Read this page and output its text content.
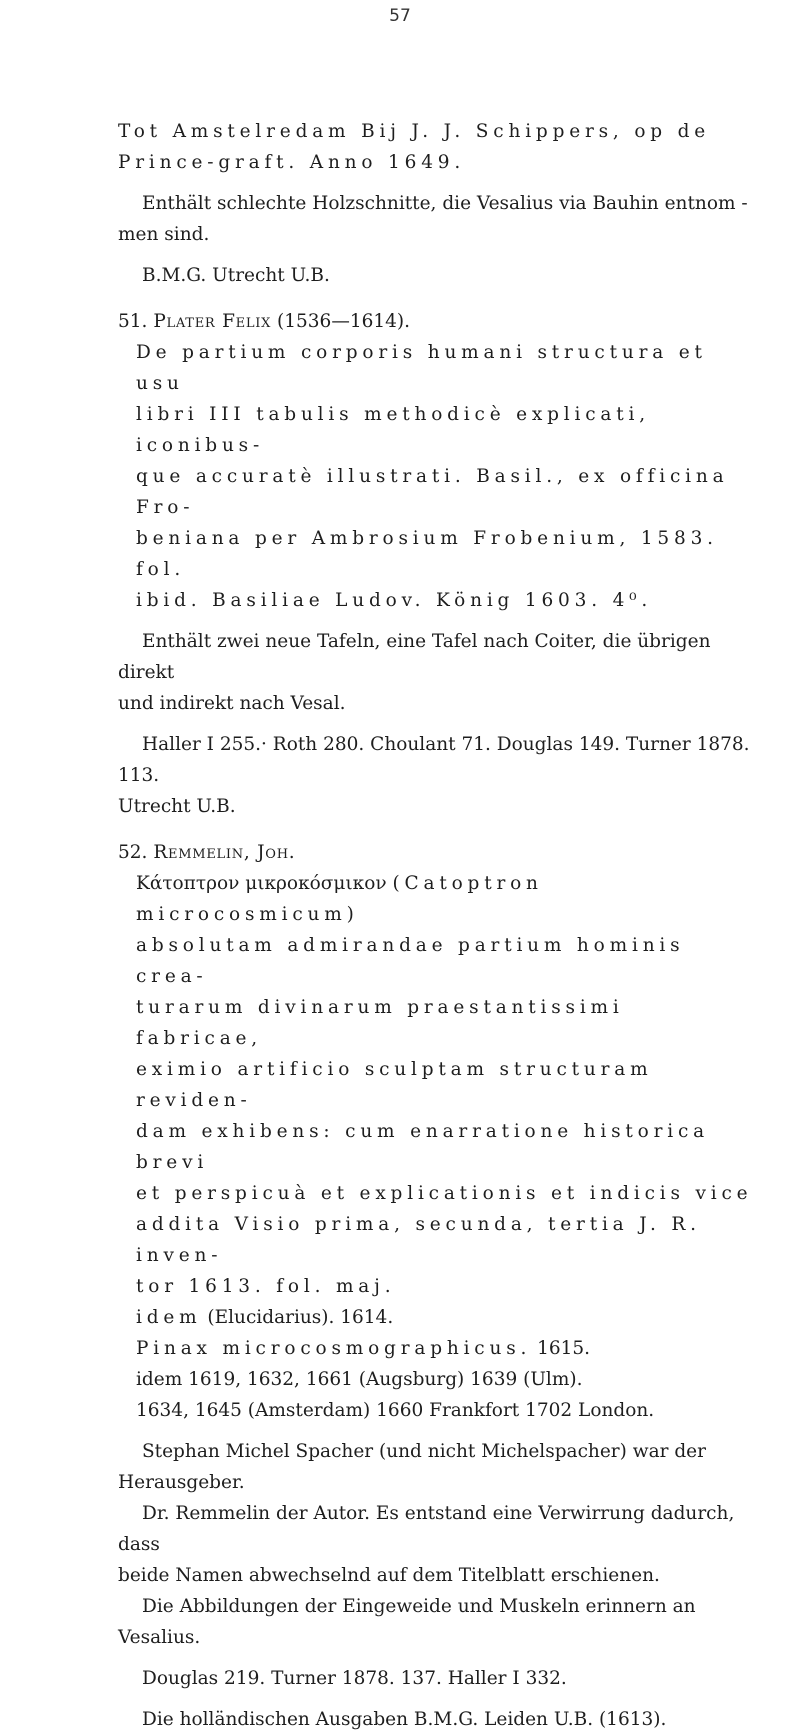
57

Tot Amstelredam Bij J. J. Schippers, op de

Prince-graft. Anno 1649.

Enthält schlechte Holzschnitte, die Vesalius via Bauhin entnom -

men sind.

B.M.G. Utrecht U.B.

51. Plater Felix (1536—1614).

De partium corporis humani structura et usu

libri III tabulis methodicè explicati, iconibus-

que accuratè illustrati. Basil., ex officina Fro-

beniana per Ambrosium Frobenium, 1583. fol.

ibid. Basiliae Ludov. König 1603. 4⁰.

Enthält zwei neue Tafeln, eine Tafel nach Coiter, die übrigen direkt

und indirekt nach Vesal.

Haller I 255.· Roth 280. Choulant 71. Douglas 149. Turner 1878. 113.

Utrecht U.B.

52. Remmelin, Joh.

Κάτοπτρον μικροκόσμικον (Catoptron microcosmicum)

absolutam admirandae partium hominis crea-

turarum divinarum praestantissimi fabricae,

eximio artificio sculptam structuram reviden-

dam exhibens: cum enarratione historica brevi

et perspicuà et explicationis et indicis vice

addita Visio prima, secunda, tertia J. R. inven-

tor 1613. fol. maj.

idem (Elucidarius). 1614.

Pinax microcosmographicus. 1615.

idem 1619, 1632, 1661 (Augsburg) 1639 (Ulm).

1634, 1645 (Amsterdam) 1660 Frankfort 1702 London.

Stephan Michel Spacher (und nicht Michelspacher) war der Herausgeber.

Dr. Remmelin der Autor. Es entstand eine Verwirrung dadurch, dass

beide Namen abwechselnd auf dem Titelblatt erschienen.

Die Abbildungen der Eingeweide und Muskeln erinnern an Vesalius.

Douglas 219. Turner 1878. 137. Haller I 332.

Die holländischen Ausgaben B.M.G. Leiden U.B. (1613).
